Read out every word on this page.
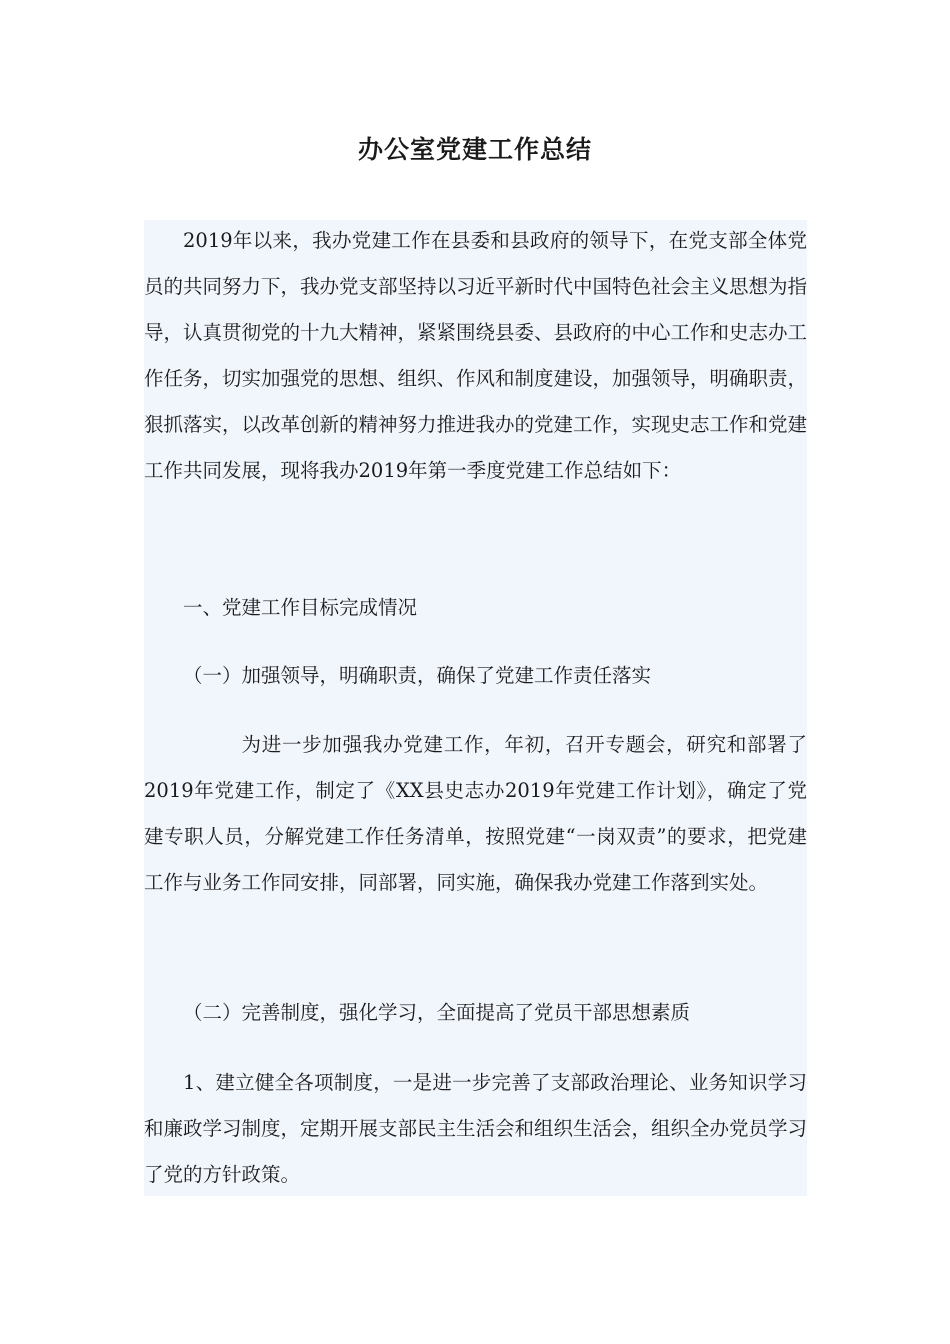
办公室党建工作总结

2019年以来，我办党建工作在县委和县政府的领导下，在党支部全体党员的共同努力下，我办党支部坚持以习近平新时代中国特色社会主义思想为指导，认真贯彻党的十九大精神，紧紧围绕县委、县政府的中心工作和史志办工作任务，切实加强党的思想、组织、作风和制度建设，加强领导，明确职责，狠抓落实，以改革创新的精神努力推进我办的党建工作，实现史志工作和党建工作共同发展，现将我办2019年第一季度党建工作总结如下：

一、党建工作目标完成情况

（一）加强领导，明确职责，确保了党建工作责任落实

为进一步加强我办党建工作，年初，召开专题会，研究和部署了2019年党建工作，制定了《XX县史志办2019年党建工作计划》，确定了党建专职人员，分解党建工作任务清单，按照党建“一岗双责”的要求，把党建工作与业务工作同安排，同部署，同实施，确保我办党建工作落到实处。

（二）完善制度，强化学习，全面提高了党员干部思想素质

1、建立健全各项制度，一是进一步完善了支部政治理论、业务知识学习和廉政学习制度，定期开展支部民主生活会和组织生活会，组织全办党员学习了党的方针政策。
